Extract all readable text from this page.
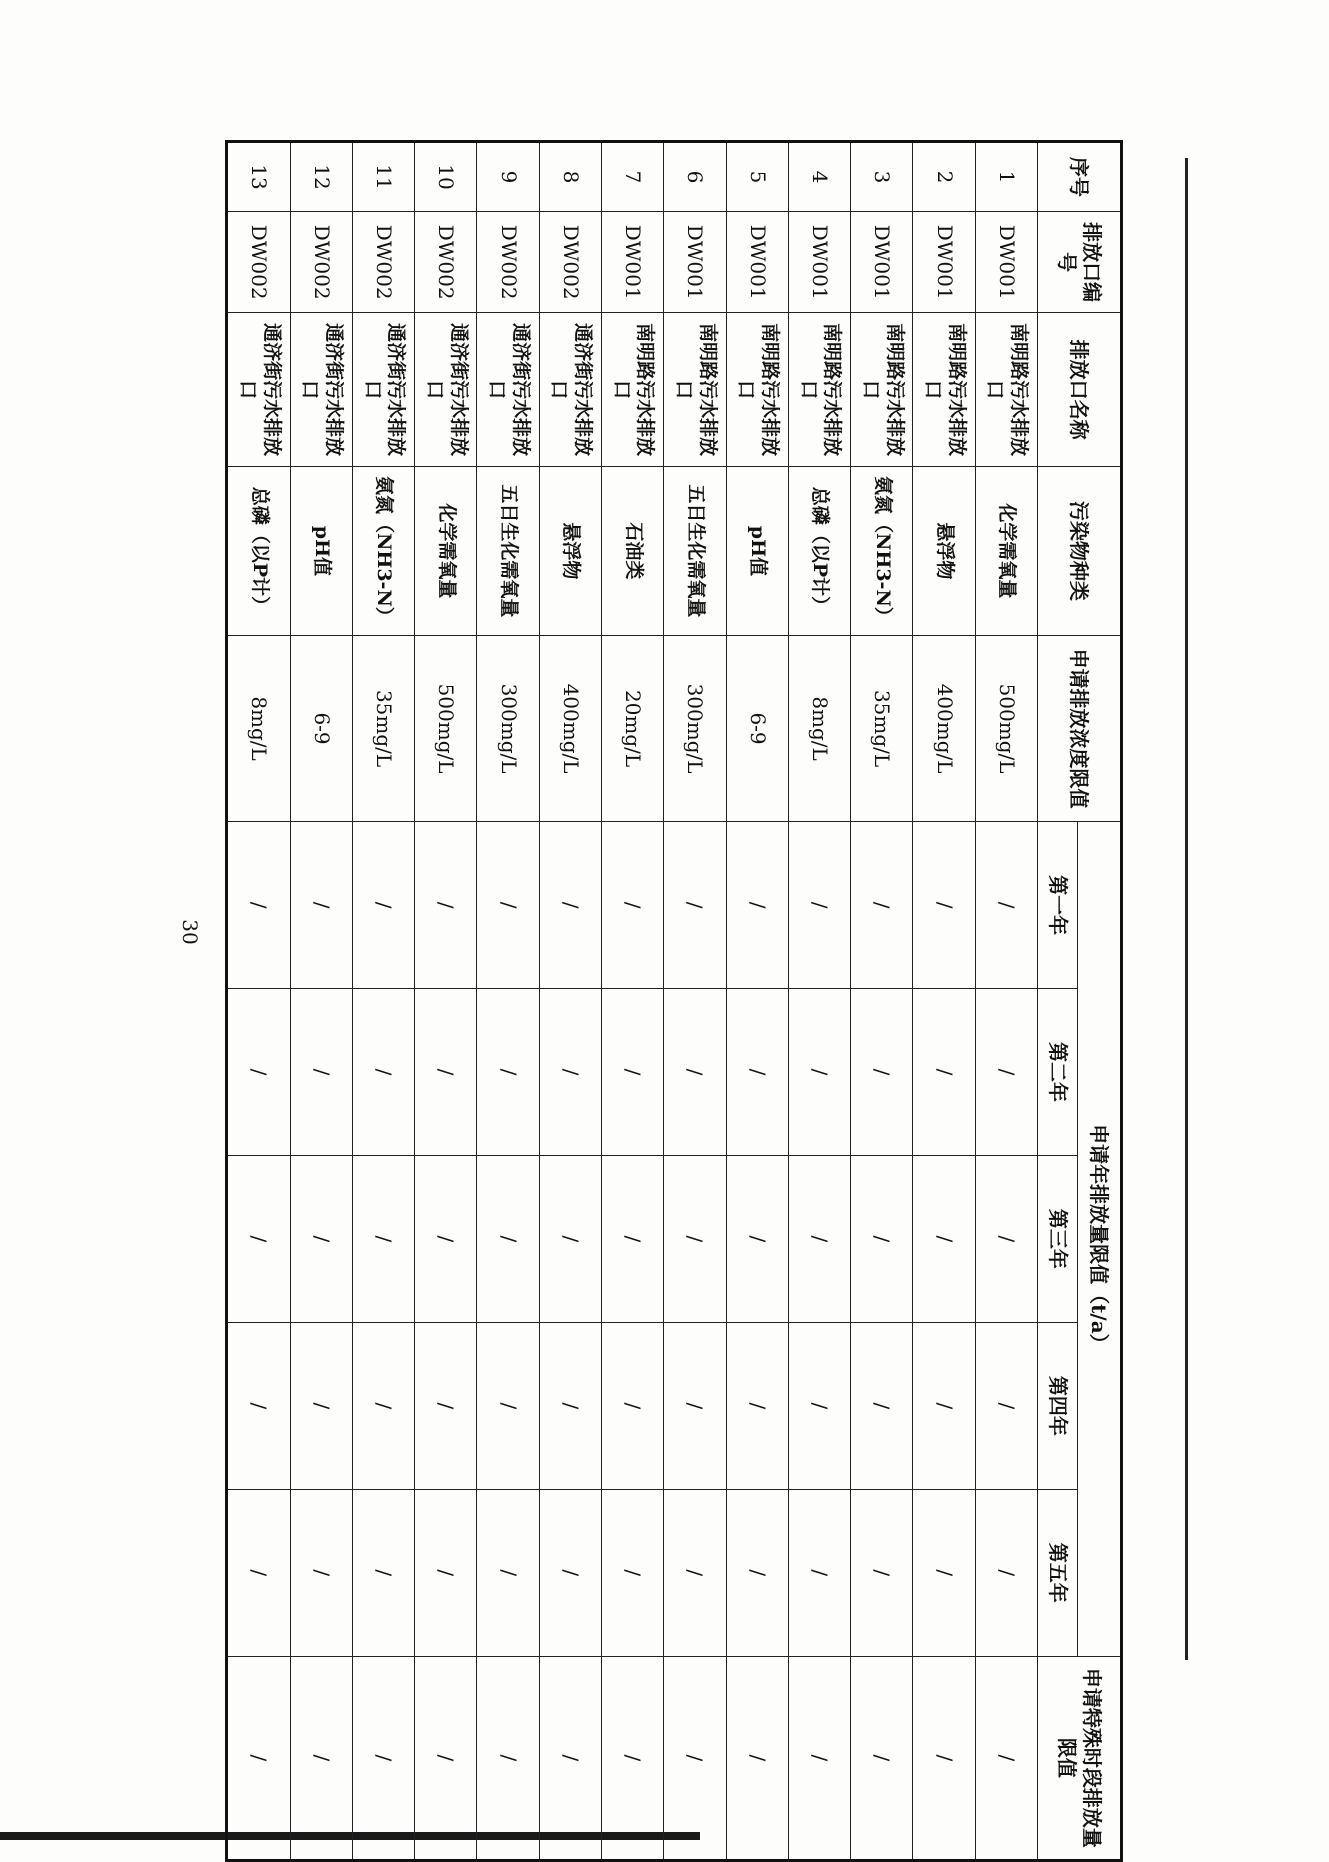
30
序号	排放口编号	排放口名称	污染物种类	申请排放浓度限值	申请年排放量限值（t/a）					申请特殊时段排放量限值
					第一年	第二年	第三年	第四年	第五年	
1	DW001	南明路污水排放口	化学需氧量	500mg/L	/	/	/	/	/	/
2	DW001	南明路污水排放口	悬浮物	400mg/L	/	/	/	/	/	/
3	DW001	南明路污水排放口	氨氮（NH3-N）	35mg/L	/	/	/	/	/	/
4	DW001	南明路污水排放口	总磷（以P计）	8mg/L	/	/	/	/	/	/
5	DW001	南明路污水排放口	pH值	6-9	/	/	/	/	/	/
6	DW001	南明路污水排放口	五日生化需氧量	300mg/L	/	/	/	/	/	/
7	DW001	南明路污水排放口	石油类	20mg/L	/	/	/	/	/	/
8	DW002	通济街污水排放口	悬浮物	400mg/L	/	/	/	/	/	/
9	DW002	通济街污水排放口	五日生化需氧量	300mg/L	/	/	/	/	/	/
10	DW002	通济街污水排放口	化学需氧量	500mg/L	/	/	/	/	/	/
11	DW002	通济街污水排放口	氨氮（NH3-N）	35mg/L	/	/	/	/	/	/
12	DW002	通济街污水排放口	pH值	6-9	/	/	/	/	/	/
13	DW002	通济街污水排放口	总磷（以P计）	8mg/L	/	/	/	/	/	/
